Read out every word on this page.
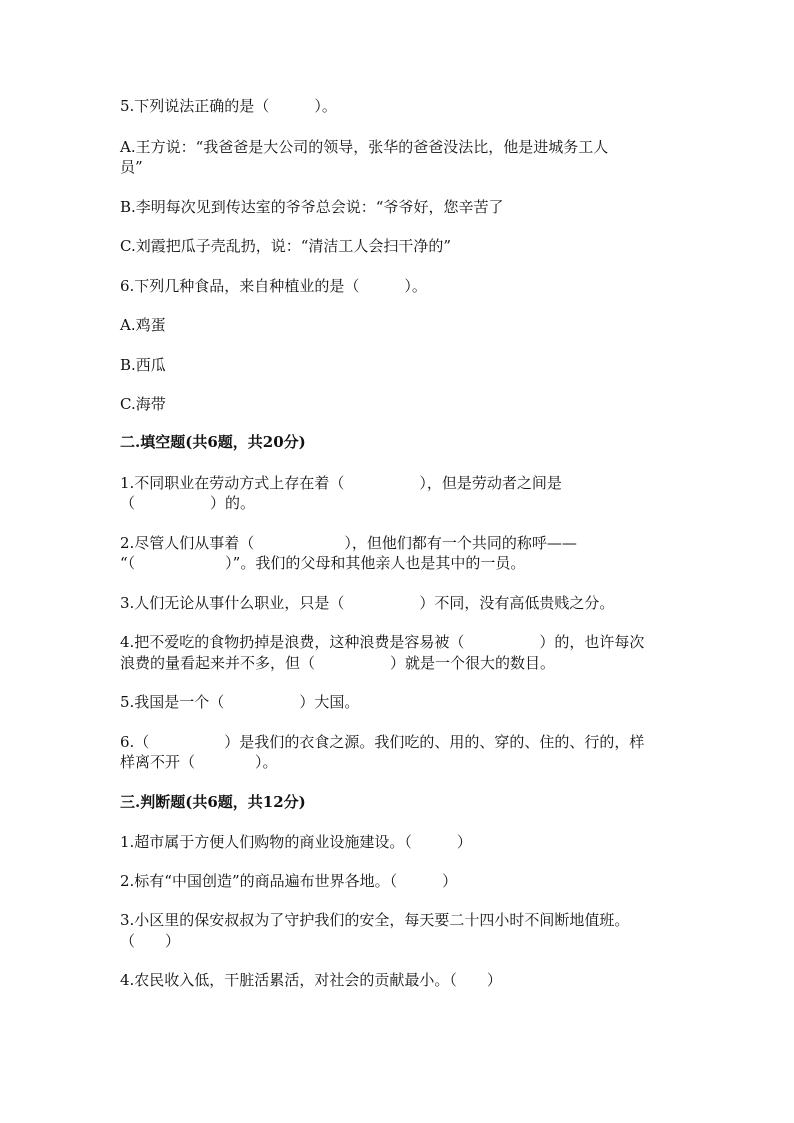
5.下列说法正确的是（　　　）。
A.王方说：“我爸爸是大公司的领导，张华的爸爸没法比，他是进城务工人
员”
B.李明每次见到传达室的爷爷总会说：“爷爷好，您辛苦了
C.刘霞把瓜子壳乱扔，说：“清洁工人会扫干净的”
6.下列几种食品，来自种植业的是（　　　）。
A.鸡蛋
B.西瓜
C.海带
二.填空题(共6题，共20分)
1.不同职业在劳动方式上存在着（　　　　　），但是劳动者之间是
（　　　　　）的。
2.尽管人们从事着（　　　　　　），但他们都有一个共同的称呼——
“（　　　　　　）”。我们的父母和其他亲人也是其中的一员。
3.人们无论从事什么职业，只是（　　　　　）不同，没有高低贵贱之分。
4.把不爱吃的食物扔掉是浪费，这种浪费是容易被（　　　　　）的，也许每次
浪费的量看起来并不多，但（　　　　　）就是一个很大的数目。
5.我国是一个（　　　　　）大国。
6.（　　　　　）是我们的衣食之源。我们吃的、用的、穿的、住的、行的，样
样离不开（　　　　）。
三.判断题(共6题，共12分)
1.超市属于方便人们购物的商业设施建设。（　　　）
2.标有“中国创造”的商品遍布世界各地。（　　　）
3.小区里的保安叔叔为了守护我们的安全，每天要二十四小时不间断地值班。
（　　）
4.农民收入低，干脏活累活，对社会的贡献最小。（　　）
